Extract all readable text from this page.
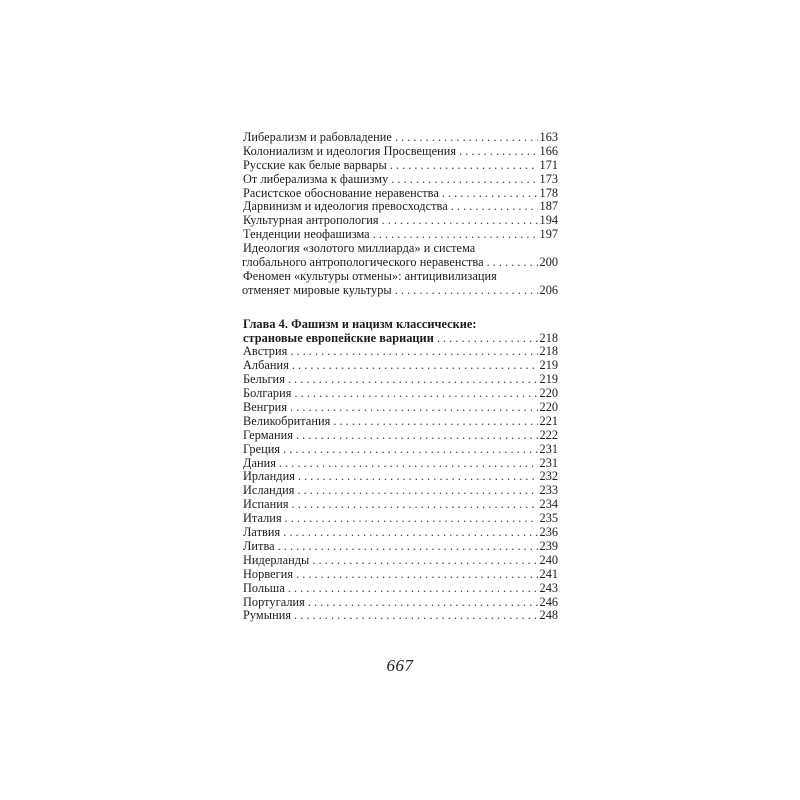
Либерализм и рабовладение . . .	163
Колониализм и идеология Просвещения . . .	166
Русские как белые варвары . . .	171
От либерализма к фашизму . . .	173
Расистское обоснование неравенства . . .	178
Дарвинизм и идеология превосходства . . .	187
Культурная антропология . . .	194
Тенденции неофашизма . . .	197
Идеология «золотого миллиарда» и система
глобального антропологического неравенства . . .	200
Феномен «культуры отмены»: антицивилизация
отменяет мировые культуры . . .	206
Глава 4. Фашизм и нацизм классические:
страновые европейские вариации . . .	218
Австрия . . .	218
Албания . . .	219
Бельгия . . .	219
Болгария . . .	220
Венгрия . . .	220
Великобритания . . .	221
Германия . . .	222
Греция . . .	231
Дания . . .	231
Ирландия . . .	232
Исландия . . .	233
Испания . . .	234
Италия . . .	235
Латвия . . .	236
Литва . . .	239
Нидерланды . . .	240
Норвегия . . .	241
Польша . . .	243
Португалия . . .	246
Румыния . . .	248
667
